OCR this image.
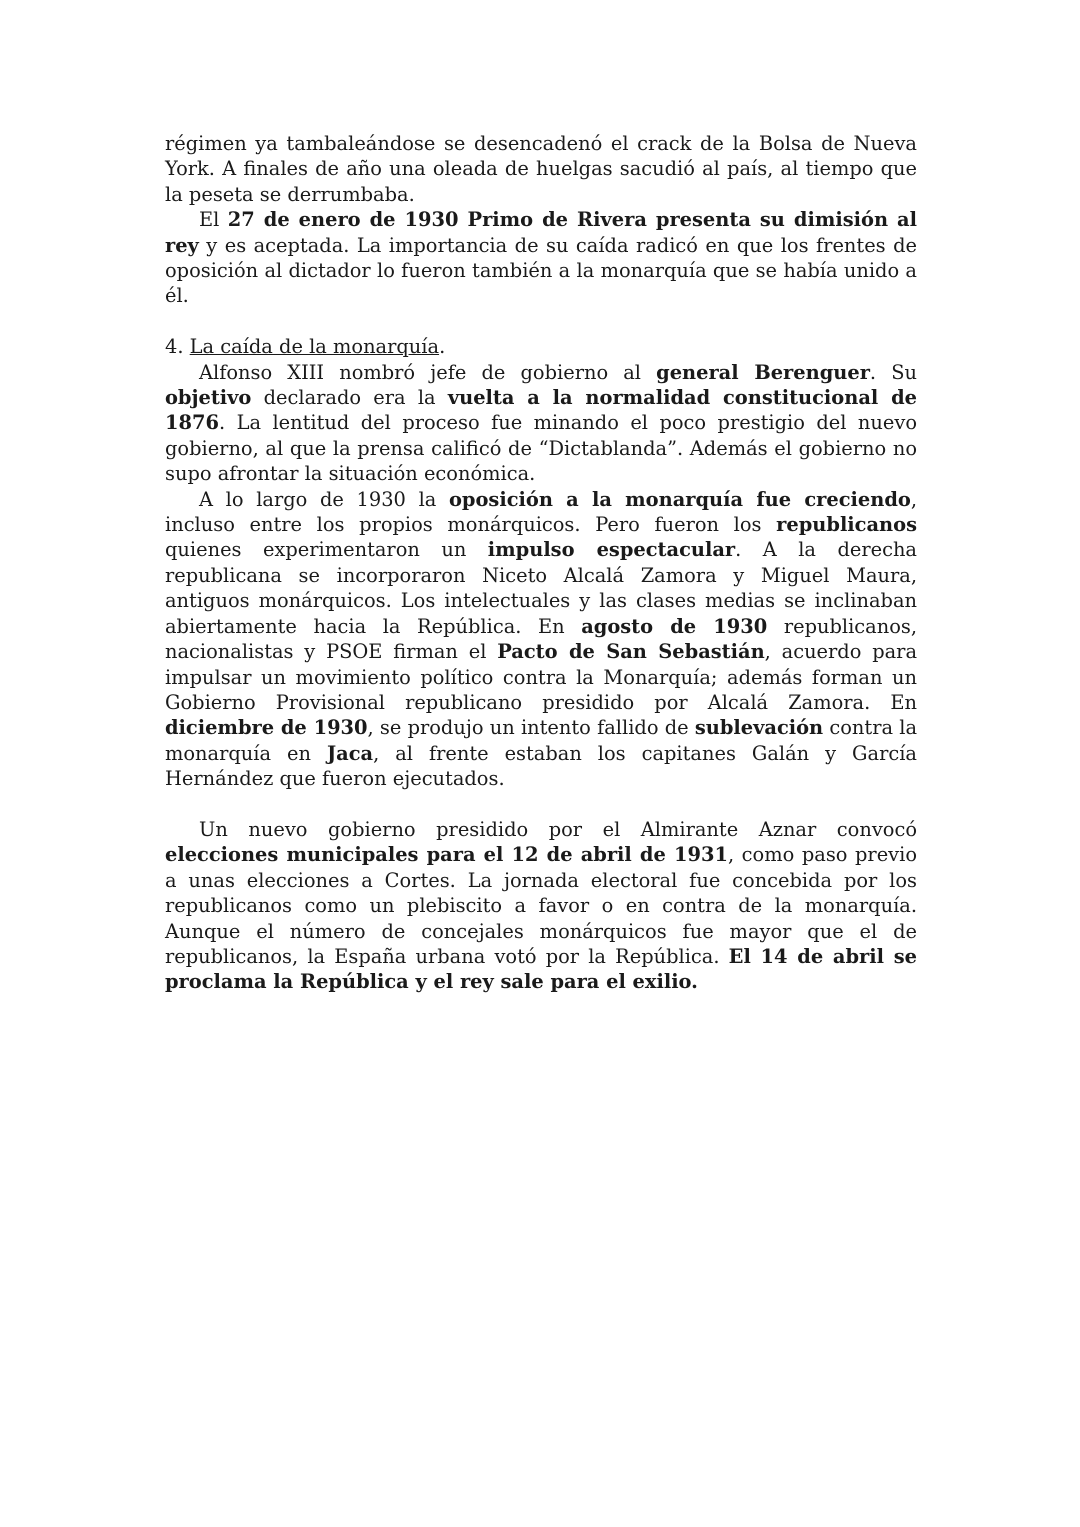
régimen ya tambaleándose se desencadenó el crack de la Bolsa de Nueva York. A finales de año una oleada de huelgas sacudió al país, al tiempo que la peseta se derrumbaba.

El 27 de enero de 1930 Primo de Rivera presenta su dimisión al rey y es aceptada. La importancia de su caída radicó en que los frentes de oposición al dictador lo fueron también a la monarquía que se había unido a él.

4. La caída de la monarquía.

Alfonso XIII nombró jefe de gobierno al general Berenguer. Su objetivo declarado era la vuelta a la normalidad constitucional de 1876. La lentitud del proceso fue minando el poco prestigio del nuevo gobierno, al que la prensa calificó de “Dictablanda”. Además el gobierno no supo afrontar la situación económica.

A lo largo de 1930 la oposición a la monarquía fue creciendo, incluso entre los propios monárquicos. Pero fueron los republicanos quienes experimentaron un impulso espectacular. A la derecha republicana se incorporaron Niceto Alcalá Zamora y Miguel Maura, antiguos monárquicos. Los intelectuales y las clases medias se inclinaban abiertamente hacia la República. En agosto de 1930 republicanos, nacionalistas y PSOE firman el Pacto de San Sebastián, acuerdo para impulsar un movimiento político contra la Monarquía; además forman un Gobierno Provisional republicano presidido por Alcalá Zamora. En diciembre de 1930, se produjo un intento fallido de sublevación contra la monarquía en Jaca, al frente estaban los capitanes Galán y García Hernández que fueron ejecutados.

Un nuevo gobierno presidido por el Almirante Aznar convocó elecciones municipales para el 12 de abril de 1931, como paso previo a unas elecciones a Cortes. La jornada electoral fue concebida por los republicanos como un plebiscito a favor o en contra de la monarquía. Aunque el número de concejales monárquicos fue mayor que el de republicanos, la España urbana votó por la República. El 14 de abril se proclama la República y el rey sale para el exilio.
